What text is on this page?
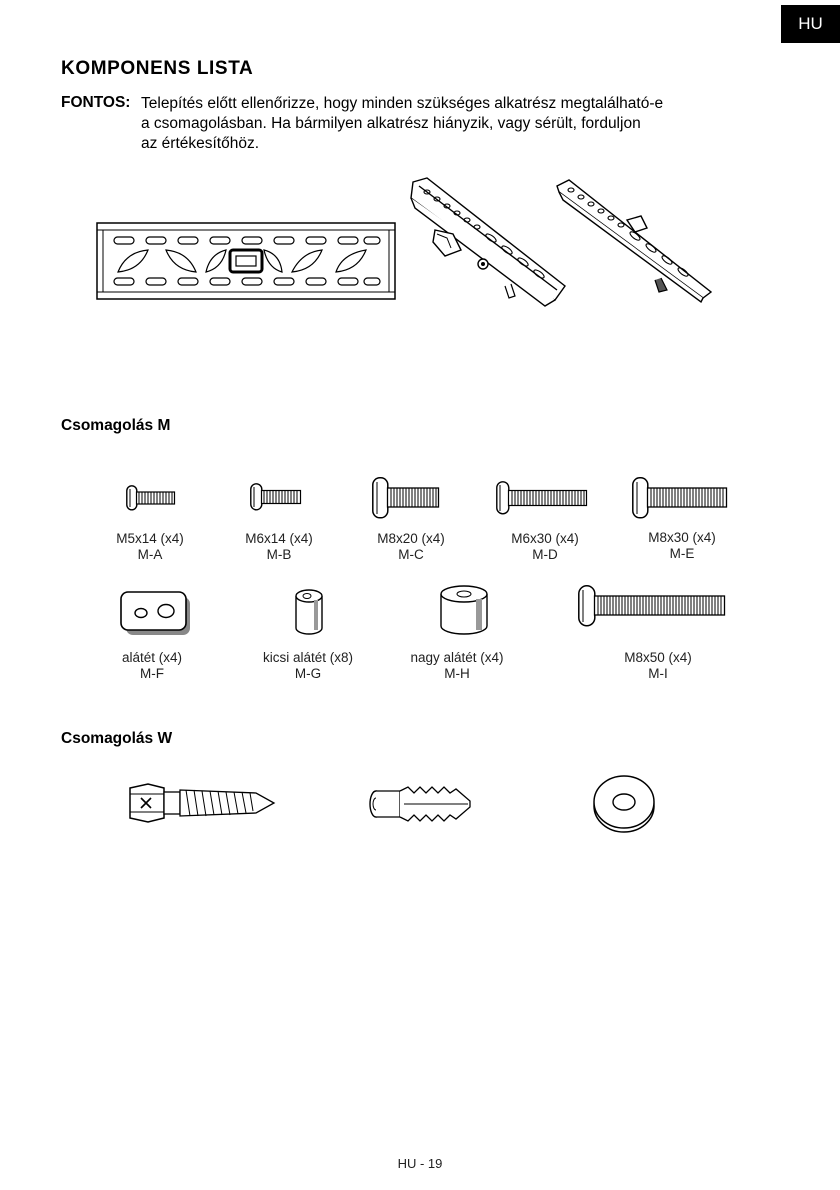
HU
KOMPONENS LISTA
FONTOS: Telepítés előtt ellenőrizze, hogy minden szükséges alkatrész megtalálható-e
a csomagolásban. Ha bármilyen alkatrész hiányzik, vagy sérült, forduljon
az értékesítőhöz.
Csomagolás M
M5x14 (x4)
M-A
M6x14 (x4)
M-B
M8x20 (x4)
M-C
M6x30 (x4)
M-D
M8x30 (x4)
M-E
alátét (x4)
M-F
kicsi alátét (x8)
M-G
nagy alátét (x4)
M-H
M8x50 (x4)
M-I
Csomagolás W
HU - 19
